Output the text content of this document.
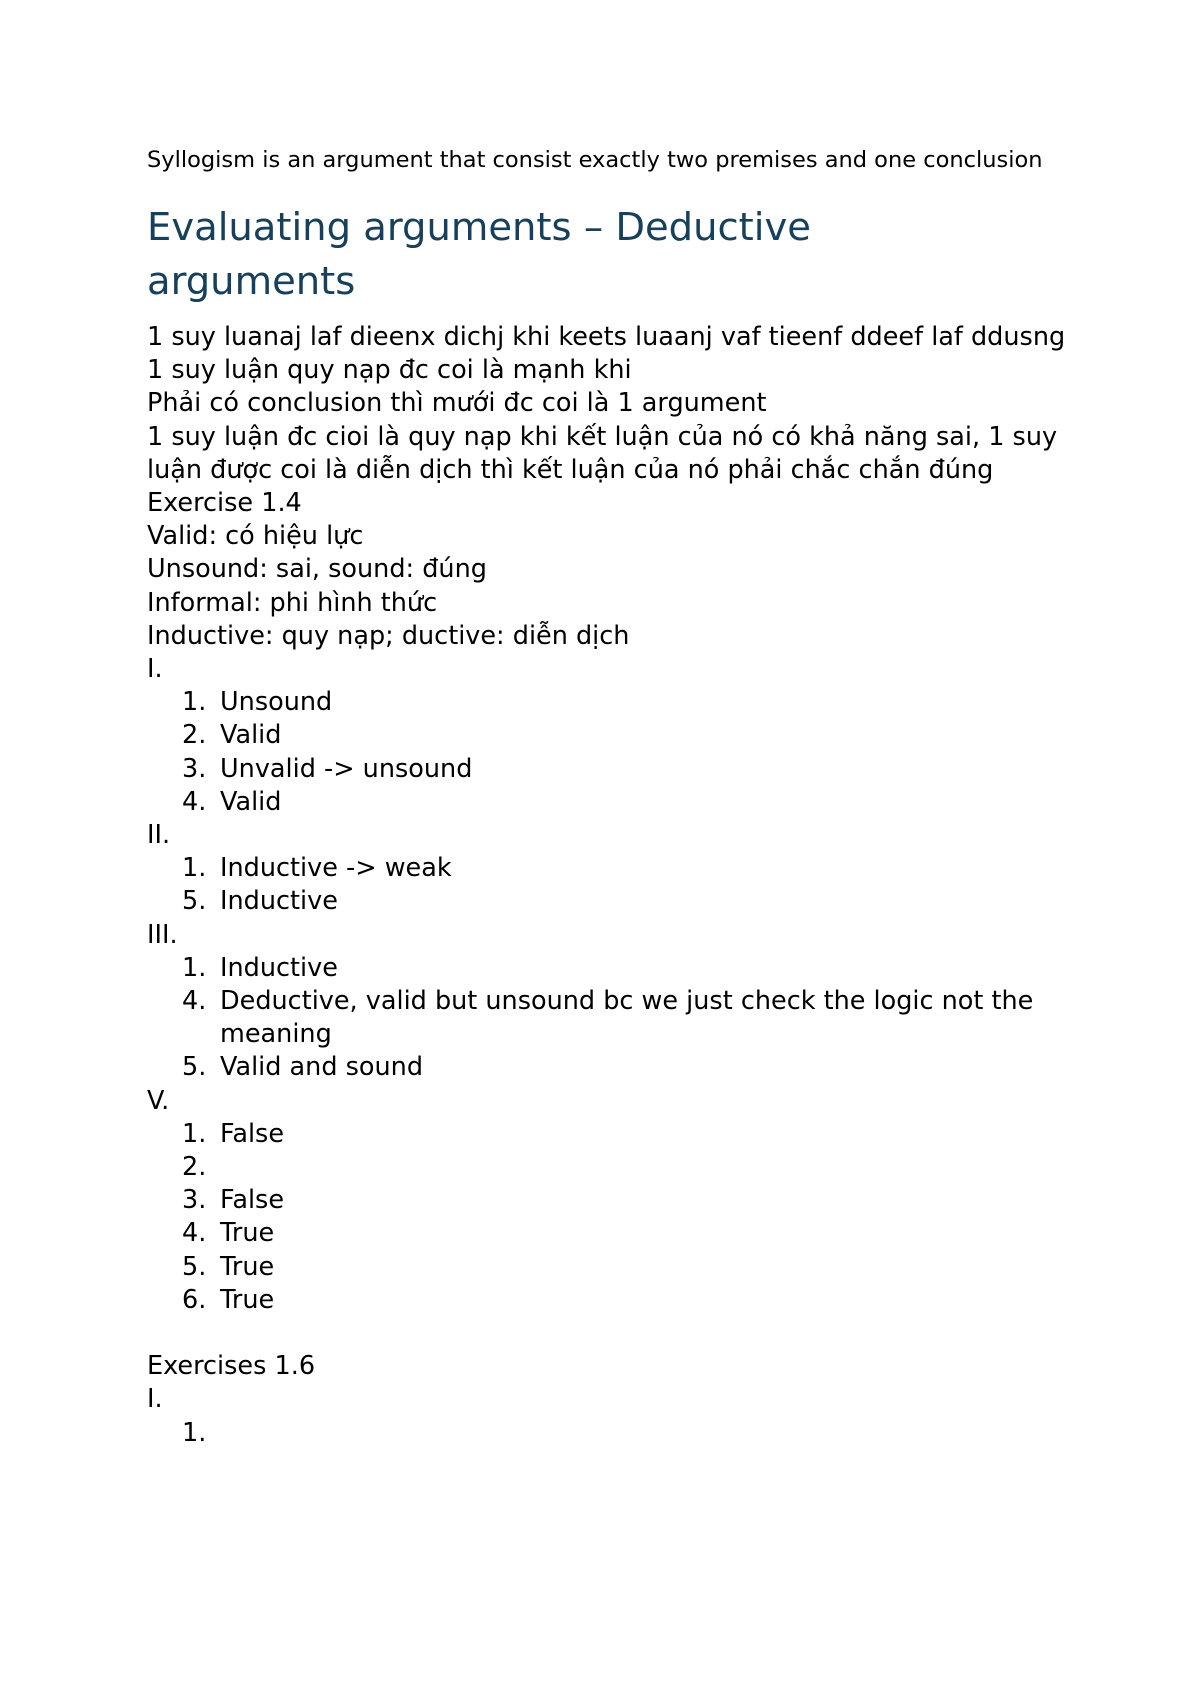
Syllogism is an argument that consist exactly two premises and one conclusion

Evaluating arguments – Deductive arguments

1 suy luanaj laf dieenx dichj khi keets luaanj vaf tieenf ddeef laf ddusng

1 suy luận quy nạp đc coi là mạnh khi

Phải có conclusion thì mưới đc coi là 1 argument

1 suy luận đc cioi là quy nạp khi kết luận của nó có khả năng sai, 1 suy luận được coi là diễn dịch thì kết luận của nó phải chắc chắn đúng

Exercise 1.4

Valid: có hiệu lực

Unsound: sai, sound: đúng

Informal: phi hình thức

Inductive: quy nạp; ductive: diễn dịch

I.

1. Unsound
2. Valid
3. Unvalid -> unsound
4. Valid

II.

1. Inductive -> weak
5. Inductive

III.

1. Inductive
4. Deductive, valid but unsound bc we just check the logic not the meaning
5. Valid and sound

V.

1. False
2.
3. False
4. True
5. True
6. True

Exercises 1.6

I.

1.
